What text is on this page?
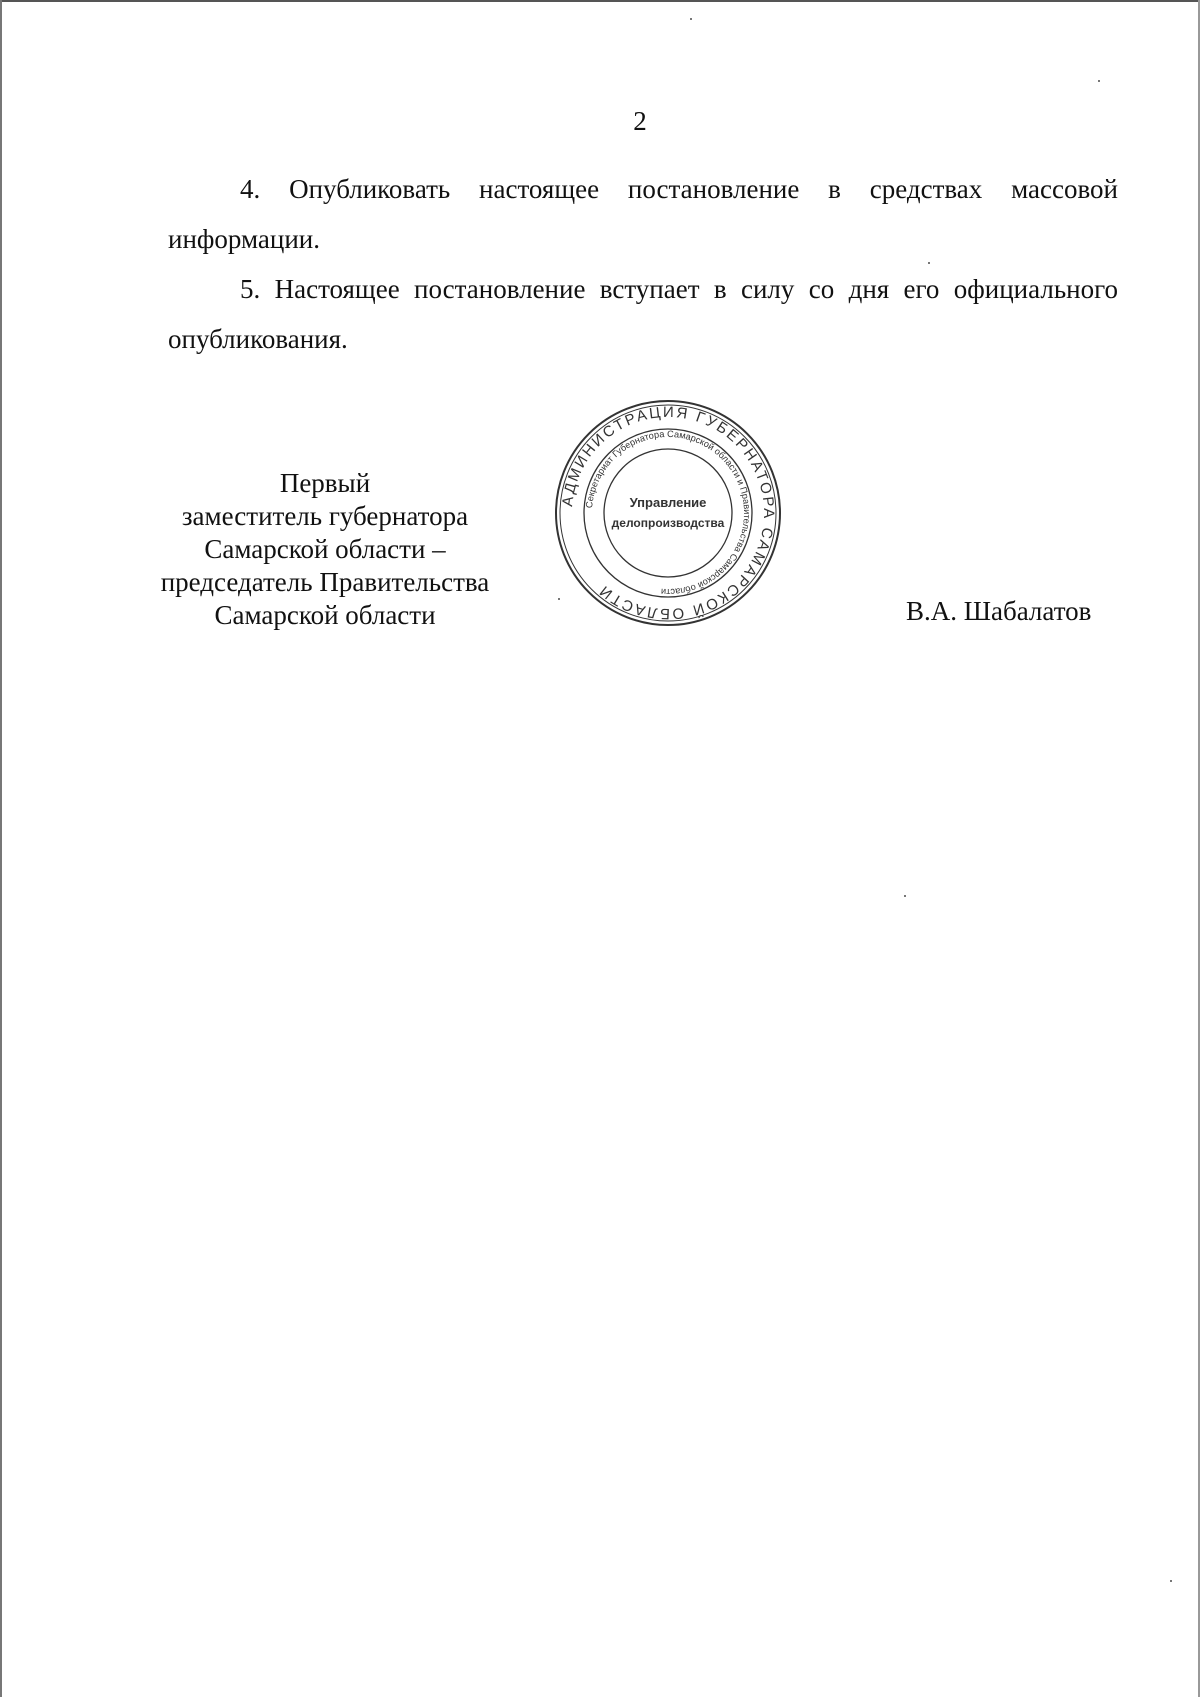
2

4. Опубликовать настоящее постановление в средствах массовой информации.

5. Настоящее постановление вступает в силу со дня его официального опубликования.

Первый
заместитель губернатора
Самарской области –
председатель Правительства
Самарской области
АДМИНИСТРАЦИЯ ГУБЕРНАТОРА САМАРСКОЙ ОБЛАСТИ
Секретариат Губернатора Самарской области и Правительства Самарской области
Управление
делопроизводства
В.А. Шабалатов
